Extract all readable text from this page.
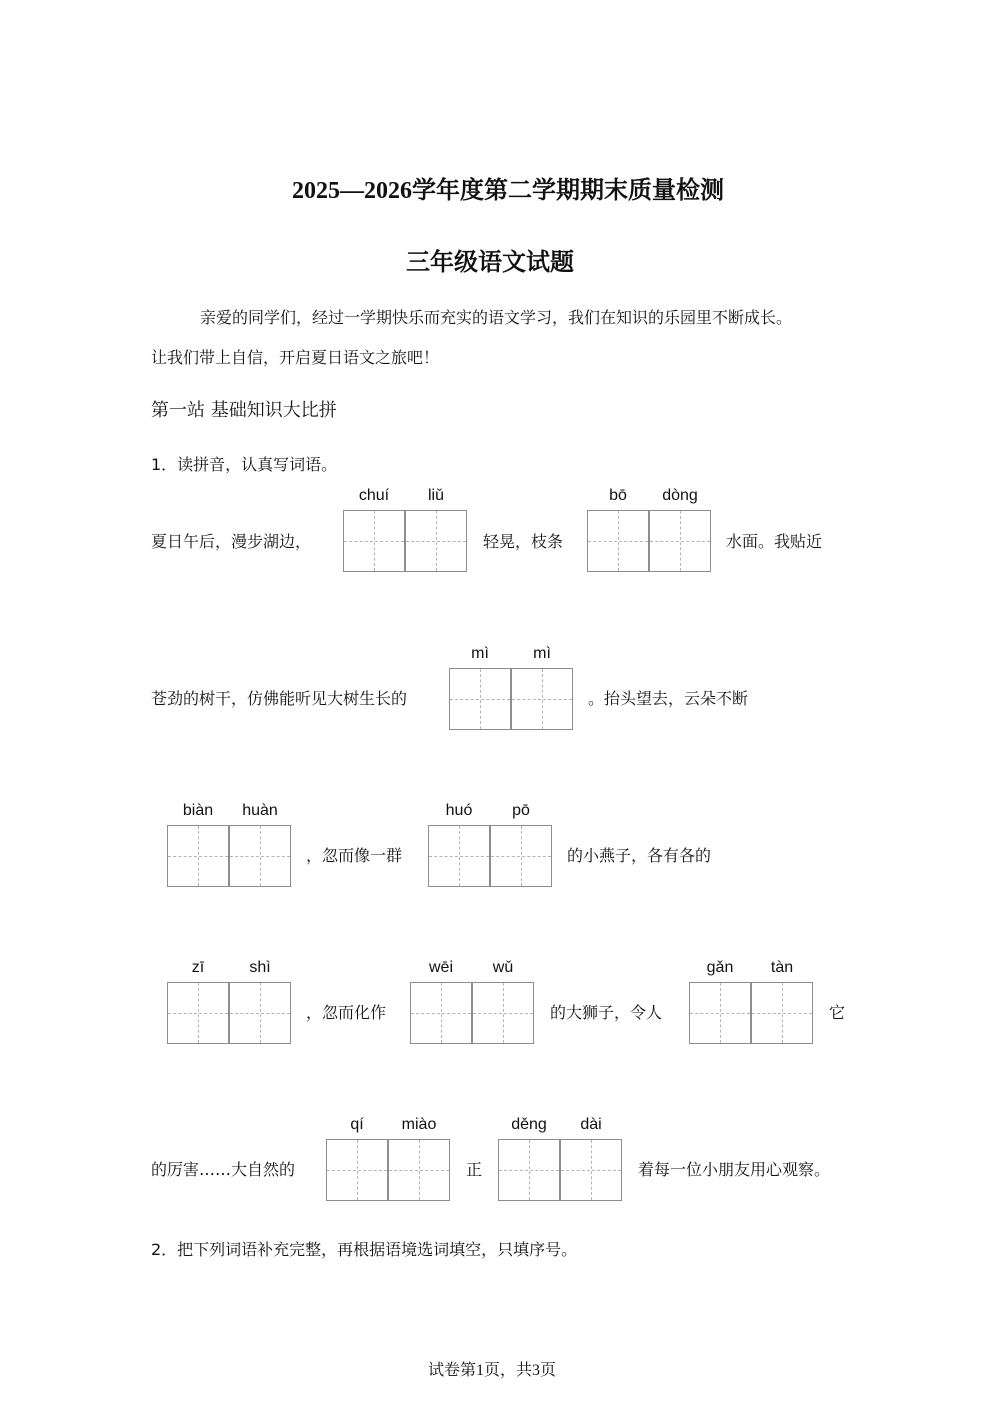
2025—2026学年度第二学期期末质量检测
三年级语文试题
亲爱的同学们，经过一学期快乐而充实的语文学习，我们在知识的乐园里不断成长。
让我们带上自信，开启夏日语文之旅吧！
第一站 基础知识大比拼
1．读拼音，认真写词语。
夏日午后，漫步湖边，
chuí	liǔ
轻晃，枝条
bō	dòng
水面。我贴近
苍劲的树干，仿佛能听见大树生长的
mì	mì
。抬头望去，云朵不断
biàn	huàn
，忽而像一群
huó	pō
的小燕子，各有各的
zī	shì
，忽而化作
wēi	wǔ
的大狮子，令人
gǎn	tàn
它
的厉害……大自然的
qí	miào
正
děng	dài
着每一位小朋友用心观察。
2．把下列词语补充完整，再根据语境选词填空，只填序号。
试卷第1页，共3页
